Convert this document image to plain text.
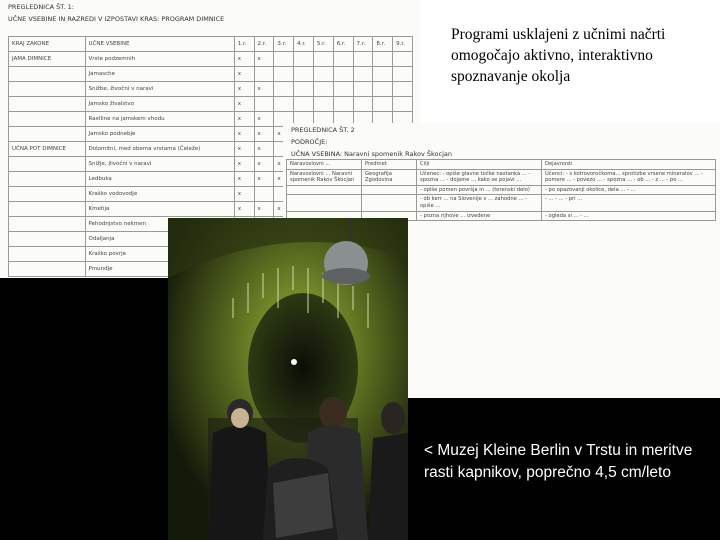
PREGLEDNICA ŠT. 1:
UČNE VSEBINE IN RAZREDI V IZPOSTAVI KRAS: PROGRAM DIMNICE
KRAJ ZAKONE	UČNE VSEBINE	1.r.	2.r.	3.r.	4.r.	5.r.	6.r.	7.r.	8.r.	9.r.
JAMA DIMNICE	Vrste podzemnih	x	x							
	Jamasche	x								
	Snižbe, živočni v naravi	x	x							
	Jamsko živalstvo	x								
	Rastline na jamskem vhodu	x	x							
	Jamsko podnebje	x	x	x						
UČNA POT DIMNICE	Dolomitni, med obema vrstama (Čeleže)	x	x							
	Snižje, živočni v naravi	x	x	x						
	Ledbuka	x	x	x						
	Kraško vodovodje	x								
	Kmetija	x	x	x						
	Pehodnjstvo nekmen									
	Odaljanja									
	Kraško povrje									
	Pmundje									
Programi usklajeni z učnimi načrti omogočajo aktivno, interaktivno spoznavanje okolja
PREGLEDNICA ŠT. 2
PODROČJE:
UČNA VSEBINA: Naravni spomenik Rakov Škocjan
Naravoslovni ...	Predmet	Cilji	Dejavnosti
Naravoslovni ... Naravni spomenik Rakov Škocjan	Geografija Zgodovina	Učenec: - opiše glavne točke nastanka ... - spozna ... - dojame ... kako se pojavi ...	Učenci: - s kotrovoročkoma... sprotizbe vrsene mineralov ... - pomere ... - povezo ... - spozna ... - ob ... - z ... - po ...
		- opiše pomen površja in ... (terenski delo)	- po opazovanji okolice, dela ... - ...
		- ob kerr ... na Slovenije v ... zahodne ... - opiše ...	- ... - ... - pri ...
		- pozna rijhove ... izvedene	- ogleda si ... - ...
< Muzej Kleine Berlin v Trstu in meritve rasti kapnikov, poprečno 4,5 cm/leto
